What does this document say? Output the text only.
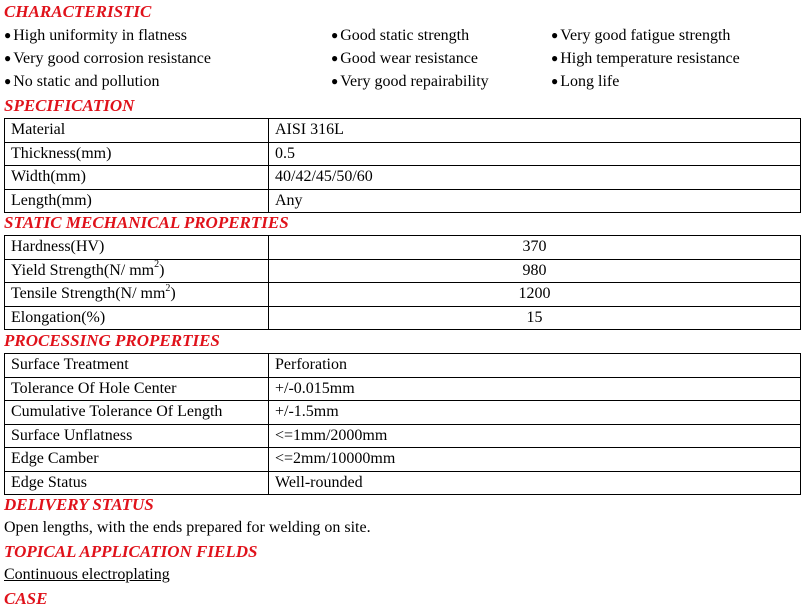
CHARACTERISTIC
● High uniformity in flatness	● Good static strength	● Very good fatigue strength
● Very good corrosion resistance	● Good wear resistance	● High temperature resistance
● No static and pollution	● Very good repairability	● Long life
SPECIFICATION
Material	AISI 316L
Thickness(mm)	0.5
Width(mm)	40/42/45/50/60
Length(mm)	Any
STATIC MECHANICAL PROPERTIES
Hardness(HV)	370
Yield Strength(N/ $mm^2$)	980
Tensile Strength(N/ $mm^2$)	1200
Elongation(%)	15
PROCESSING PROPERTIES
Surface Treatment	Perforation
Tolerance Of Hole Center	+/-0.015mm
Cumulative Tolerance Of Length	+/-1.5mm
Surface Unflatness	<=1mm/2000mm
Edge Camber	<=2mm/10000mm
Edge Status	Well-rounded
DELIVERY STATUS
Open lengths, with the ends prepared for welding on site.
TOPICAL APPLICATION FIELDS
Continuous electroplating
CASE
